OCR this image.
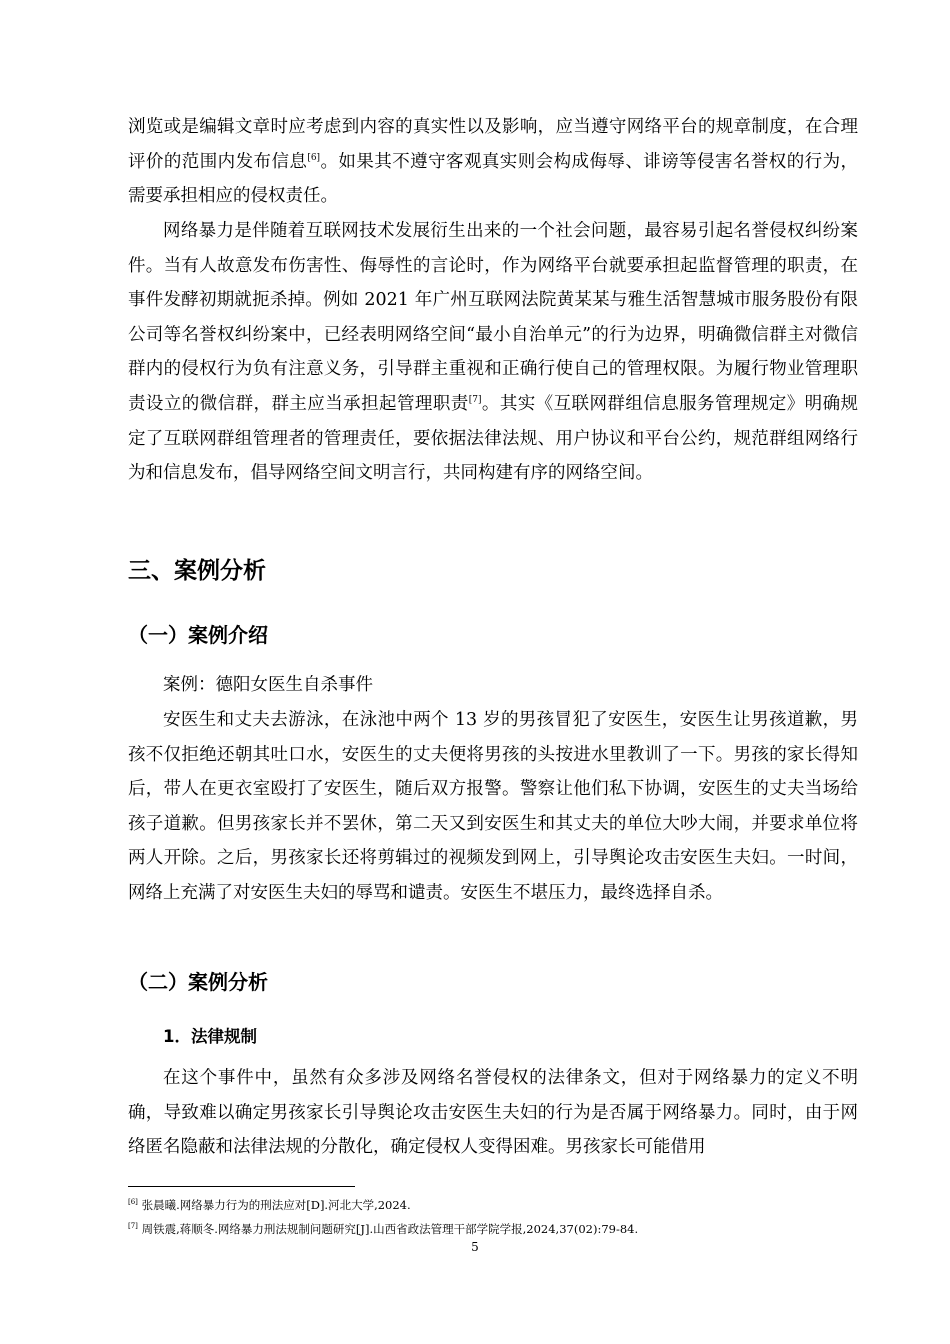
浏览或是编辑文章时应考虑到内容的真实性以及影响，应当遵守网络平台的规章制度，在合理评价的范围内发布信息[6]。如果其不遵守客观真实则会构成侮辱、诽谤等侵害名誉权的行为，需要承担相应的侵权责任。

网络暴力是伴随着互联网技术发展衍生出来的一个社会问题，最容易引起名誉侵权纠纷案件。当有人故意发布伤害性、侮辱性的言论时，作为网络平台就要承担起监督管理的职责，在事件发酵初期就扼杀掉。例如 2021 年广州互联网法院黄某某与雅生活智慧城市服务股份有限公司等名誉权纠纷案中，已经表明网络空间“最小自治单元”的行为边界，明确微信群主对微信群内的侵权行为负有注意义务，引导群主重视和正确行使自己的管理权限。为履行物业管理职责设立的微信群，群主应当承担起管理职责[7]。其实《互联网群组信息服务管理规定》明确规定了互联网群组管理者的管理责任，要依据法律法规、用户协议和平台公约，规范群组网络行为和信息发布，倡导网络空间文明言行，共同构建有序的网络空间。

三、案例分析
（一）案例介绍

案例：德阳女医生自杀事件

安医生和丈夫去游泳，在泳池中两个 13 岁的男孩冒犯了安医生，安医生让男孩道歉，男孩不仅拒绝还朝其吐口水，安医生的丈夫便将男孩的头按进水里教训了一下。男孩的家长得知后，带人在更衣室殴打了安医生，随后双方报警。警察让他们私下协调，安医生的丈夫当场给孩子道歉。但男孩家长并不罢休，第二天又到安医生和其丈夫的单位大吵大闹，并要求单位将两人开除。之后，男孩家长还将剪辑过的视频发到网上，引导舆论攻击安医生夫妇。一时间，网络上充满了对安医生夫妇的辱骂和谴责。安医生不堪压力，最终选择自杀。

（二）案例分析
1．法律规制

在这个事件中，虽然有众多涉及网络名誉侵权的法律条文，但对于网络暴力的定义不明确，导致难以确定男孩家长引导舆论攻击安医生夫妇的行为是否属于网络暴力。同时，由于网络匿名隐蔽和法律法规的分散化，确定侵权人变得困难。男孩家长可能借用

[6] 张晨曦.网络暴力行为的刑法应对[D].河北大学,2024.

[7] 周铁震,蒋顺冬.网络暴力刑法规制问题研究[J].山西省政法管理干部学院学报,2024,37(02):79-84.

5
